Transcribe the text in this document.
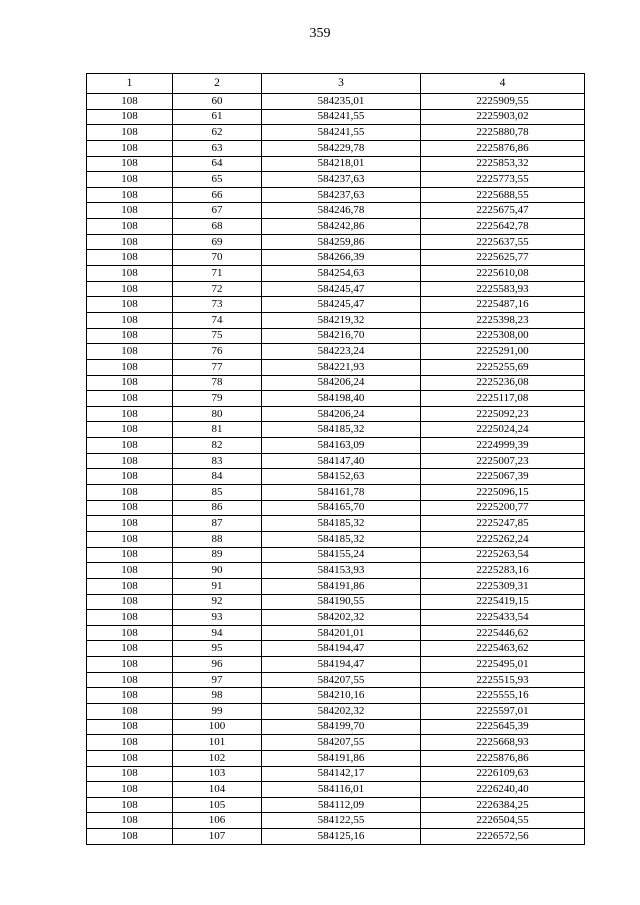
359
1	2	3	4
108	60	584235,01	2225909,55
108	61	584241,55	2225903,02
108	62	584241,55	2225880,78
108	63	584229,78	2225876,86
108	64	584218,01	2225853,32
108	65	584237,63	2225773,55
108	66	584237,63	2225688,55
108	67	584246,78	2225675,47
108	68	584242,86	2225642,78
108	69	584259,86	2225637,55
108	70	584266,39	2225625,77
108	71	584254,63	2225610,08
108	72	584245,47	2225583,93
108	73	584245,47	2225487,16
108	74	584219,32	2225398,23
108	75	584216,70	2225308,00
108	76	584223,24	2225291,00
108	77	584221,93	2225255,69
108	78	584206,24	2225236,08
108	79	584198,40	2225117,08
108	80	584206,24	2225092,23
108	81	584185,32	2225024,24
108	82	584163,09	2224999,39
108	83	584147,40	2225007,23
108	84	584152,63	2225067,39
108	85	584161,78	2225096,15
108	86	584165,70	2225200,77
108	87	584185,32	2225247,85
108	88	584185,32	2225262,24
108	89	584155,24	2225263,54
108	90	584153,93	2225283,16
108	91	584191,86	2225309,31
108	92	584190,55	2225419,15
108	93	584202,32	2225433,54
108	94	584201,01	2225446,62
108	95	584194,47	2225463,62
108	96	584194,47	2225495,01
108	97	584207,55	2225515,93
108	98	584210,16	2225555,16
108	99	584202,32	2225597,01
108	100	584199,70	2225645,39
108	101	584207,55	2225668,93
108	102	584191,86	2225876,86
108	103	584142,17	2226109,63
108	104	584116,01	2226240,40
108	105	584112,09	2226384,25
108	106	584122,55	2226504,55
108	107	584125,16	2226572,56
